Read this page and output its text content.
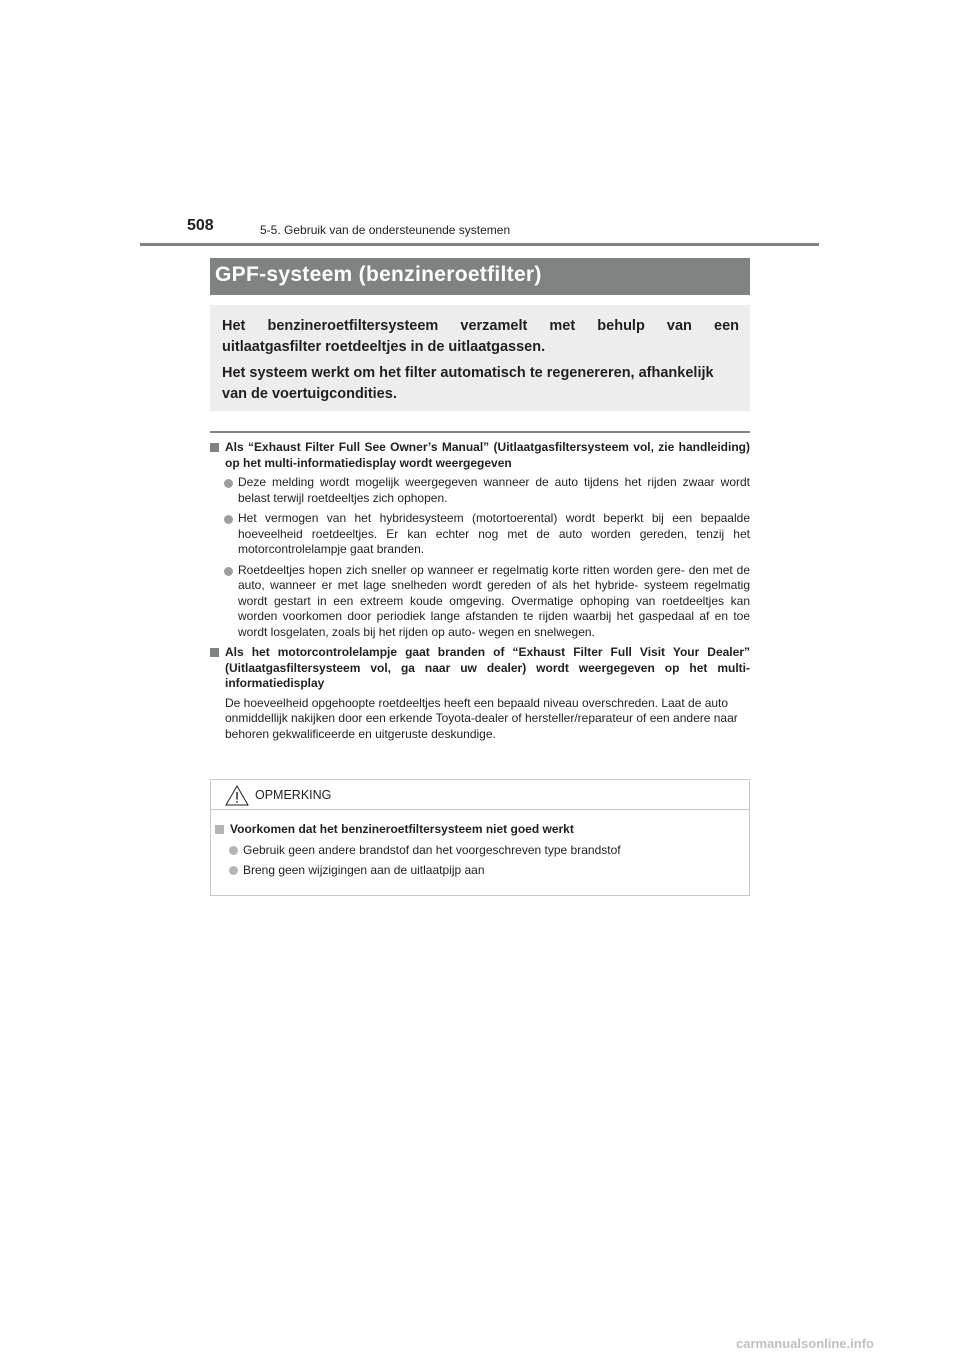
508	5-5. Gebruik van de ondersteunende systemen
GPF-systeem (benzineroetfilter)

Het benzineroetfiltersysteem verzamelt met behulp van een

uitlaatgasfilter roetdeeltjes in de uitlaatgassen.

Het systeem werkt om het filter automatisch te regenereren, afhankelijk

van de voertuigcondities.

Als “Exhaust Filter Full See Owner’s Manual” (Uitlaatgasfiltersysteem vol, zie handleiding) op het multi-informatiedisplay wordt weergegeven
Deze melding wordt mogelijk weergegeven wanneer de auto tijdens het rijden zwaar wordt belast terwijl roetdeeltjes zich ophopen.
Het vermogen van het hybridesysteem (motortoerental) wordt beperkt bij een bepaalde hoeveelheid roetdeeltjes. Er kan echter nog met de auto worden gereden, tenzij het motorcontrolelampje gaat branden.
Roetdeeltjes hopen zich sneller op wanneer er regelmatig korte ritten worden gere- den met de auto, wanneer er met lage snelheden wordt gereden of als het hybride- systeem regelmatig wordt gestart in een extreem koude omgeving. Overmatige ophoping van roetdeeltjes kan worden voorkomen door periodiek lange afstanden te rijden waarbij het gaspedaal af en toe wordt losgelaten, zoals bij het rijden op auto- wegen en snelwegen.
Als het motorcontrolelampje gaat branden of “Exhaust Filter Full Visit Your Dealer” (Uitlaatgasfiltersysteem vol, ga naar uw dealer) wordt weergegeven op het multi-informatiedisplay

De hoeveelheid opgehoopte roetdeeltjes heeft een bepaald niveau overschreden. Laat de auto onmiddellijk nakijken door een erkende Toyota-dealer of hersteller/reparateur of een andere naar behoren gekwalificeerde en uitgeruste deskundige.

OPMERKING
Voorkomen dat het benzineroetfiltersysteem niet goed werkt
Gebruik geen andere brandstof dan het voorgeschreven type brandstof
Breng geen wijzigingen aan de uitlaatpijp aan
carmanualsonline.info
